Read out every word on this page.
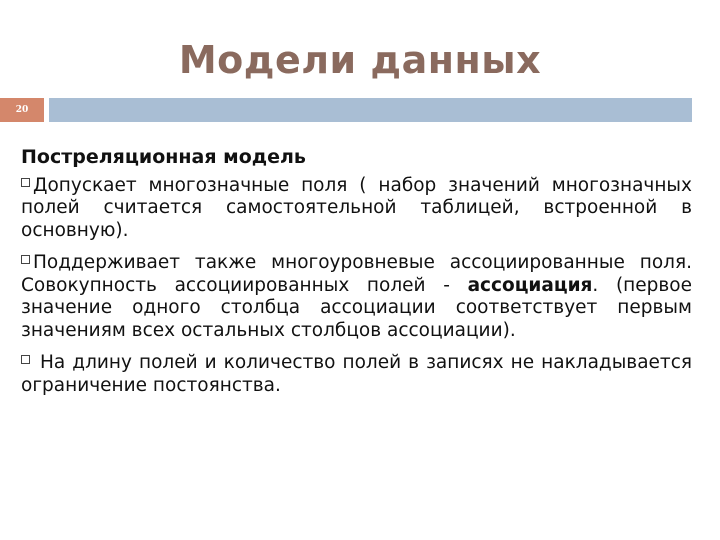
Модели данных
20
Постреляционная модель

Допускает многозначные поля ( набор значений многозначных полей считается самостоятельной таблицей, встроенной в основную).

Поддерживает также многоуровневые ассоциированные поля. Совокупность ассоциированных полей - ассоциация. (первое значение одного столбца ассоциации соответствует первым значениям всех остальных столбцов ассоциации).

На длину полей и количество полей в записях не накладывается ограничение постоянства.
